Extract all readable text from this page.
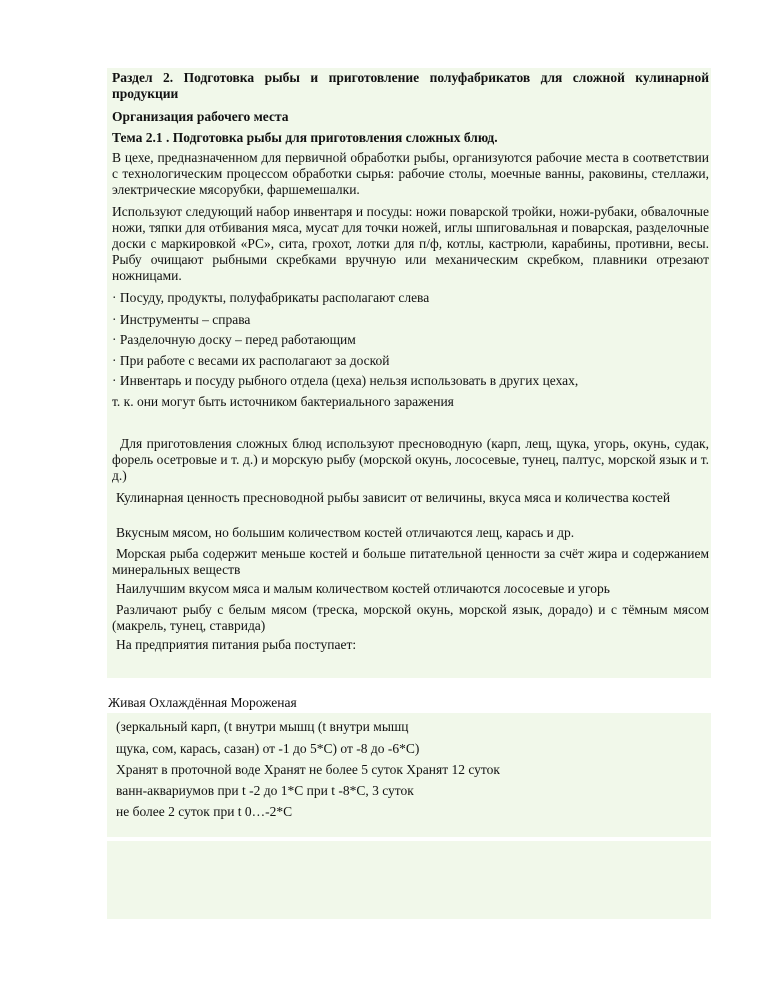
Раздел 2. Подготовка рыбы и приготовление полуфабрикатов для сложной кулинарной продукции

Организация рабочего места

Тема 2.1 . Подготовка рыбы для приготовления сложных блюд.

В цехе, предназначенном для первичной обработки рыбы, организуются рабочие места в соответствии с технологическим процессом обработки сырья: рабочие столы, моечные ванны, раковины, стеллажи, электрические мясорубки, фаршемешалки.

Используют следующий набор инвентаря и посуды: ножи поварской тройки, ножи-рубаки, обвалочные ножи, тяпки для отбивания мяса, мусат для точки ножей, иглы шпиговальная и поварская, разделочные доски с маркировкой «РС», сита, грохот, лотки для п/ф, котлы, кастрюли, карабины, противни, весы. Рыбу очищают рыбными скребками вручную или механическим скребком, плавники отрезают ножницами.

· Посуду, продукты, полуфабрикаты располагают слева

· Инструменты – справа

· Разделочную доску – перед работающим

· При работе с весами их располагают за доской

· Инвентарь и посуду рыбного отдела (цеха) нельзя использовать в других цехах,

т. к. они могут быть источником бактериального заражения

Для приготовления сложных блюд используют пресноводную (карп, лещ, щука, угорь, окунь, судак, форель осетровые и т. д.) и морскую рыбу (морской окунь, лососевые, тунец, палтус, морской язык и т. д.)

Кулинарная ценность пресноводной рыбы зависит от величины, вкуса мяса и количества костей

Вкусным мясом, но большим количеством костей отличаются лещ, карась и др.

Морская рыба содержит меньше костей и больше питательной ценности за счёт жира и содержанием минеральных веществ

Наилучшим вкусом мяса и малым количеством костей отличаются лососевые и угорь

Различают рыбу с белым мясом (треска, морской окунь, морской язык, дорадо) и с тёмным мясом (макрель, тунец, ставрида)

На предприятия питания рыба поступает:

Живая Охлаждённая Мороженая

(зеркальный карп, (t внутри мышц (t внутри мышц

щука, сом, карась, сазан) от -1 до 5*С) от -8 до -6*С)

Хранят в проточной воде Хранят не более 5 суток Хранят 12 суток

ванн-аквариумов при t -2 до 1*С при t -8*С, 3 суток

не более 2 суток при t 0…-2*С
